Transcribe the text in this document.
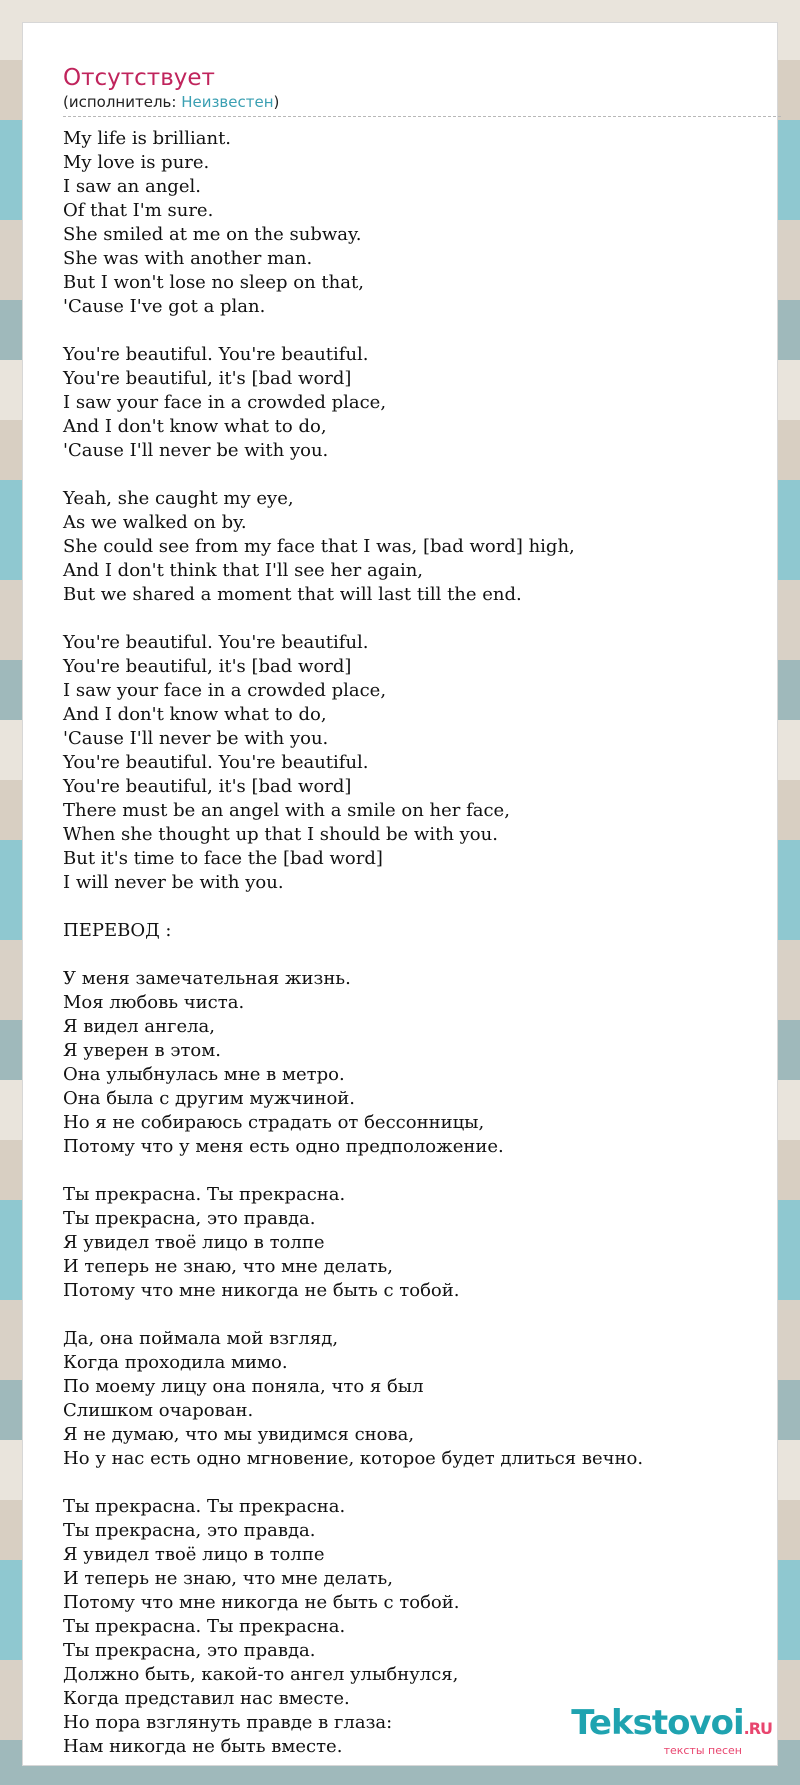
Отсутствует
(исполнитель: Неизвестен)
My life is brilliant.
My love is pure.
I saw an angel.
Of that I'm sure.
She smiled at me on the subway.
She was with another man.
But I won't lose no sleep on that,
'Cause I've got a plan.

You're beautiful. You're beautiful.
You're beautiful, it's [bad word]
I saw your face in a crowded place,
And I don't know what to do,
'Cause I'll never be with you.

Yeah, she caught my eye,
As we walked on by.
She could see from my face that I was, [bad word] high,
And I don't think that I'll see her again,
But we shared a moment that will last till the end.

You're beautiful. You're beautiful.
You're beautiful, it's [bad word]
I saw your face in a crowded place,
And I don't know what to do,
'Cause I'll never be with you.
You're beautiful. You're beautiful.
You're beautiful, it's [bad word]
There must be an angel with a smile on her face,
When she thought up that I should be with you.
But it's time to face the [bad word]
I will never be with you.

ПЕРЕВОД :

У меня замечательная жизнь.
Моя любовь чиста.
Я видел ангела,
Я уверен в этом.
Она улыбнулась мне в метро.
Она была с другим мужчиной.
Но я не собираюсь страдать от бессонницы,
Потому что у меня есть одно предположение.

Ты прекрасна. Ты прекрасна.
Ты прекрасна, это правда.
Я увидел твоё лицо в толпе
И теперь не знаю, что мне делать,
Потому что мне никогда не быть с тобой.

Да, она поймала мой взгляд,
Когда проходила мимо.
По моему лицу она поняла, что я был
Слишком очарован.
Я не думаю, что мы увидимся снова,
Но у нас есть одно мгновение, которое будет длиться вечно.

Ты прекрасна. Ты прекрасна.
Ты прекрасна, это правда.
Я увидел твоё лицо в толпе
И теперь не знаю, что мне делать,
Потому что мне никогда не быть с тобой.
Ты прекрасна. Ты прекрасна.
Ты прекрасна, это правда.
Должно быть, какой-то ангел улыбнулся,
Когда представил нас вместе.
Но пора взглянуть правде в глаза:
Нам никогда не быть вместе.
Tekstovoi.RU
тексты песен
